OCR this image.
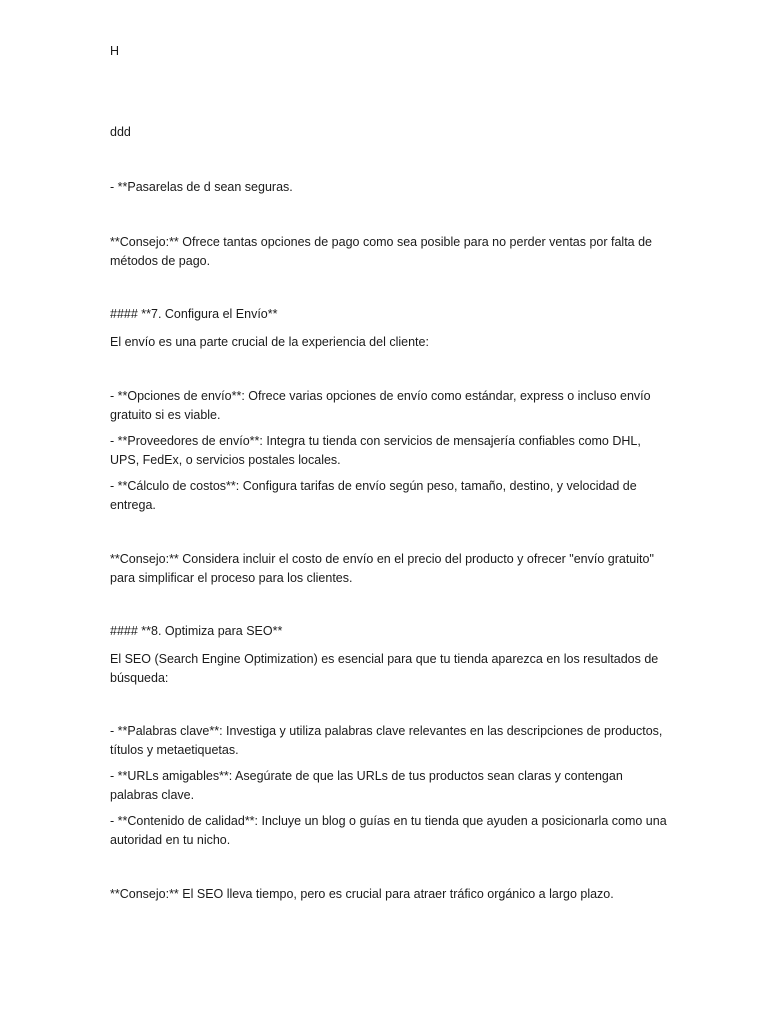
H

ddd

- **Pasarelas de d sean seguras.

**Consejo:** Ofrece tantas opciones de pago como sea posible para no perder ventas por falta de métodos de pago.

#### **7. Configura el Envío**

El envío es una parte crucial de la experiencia del cliente:

- **Opciones de envío**: Ofrece varias opciones de envío como estándar, express o incluso envío gratuito si es viable.

- **Proveedores de envío**: Integra tu tienda con servicios de mensajería confiables como DHL, UPS, FedEx, o servicios postales locales.

- **Cálculo de costos**: Configura tarifas de envío según peso, tamaño, destino, y velocidad de entrega.

**Consejo:** Considera incluir el costo de envío en el precio del producto y ofrecer "envío gratuito" para simplificar el proceso para los clientes.

#### **8. Optimiza para SEO**

El SEO (Search Engine Optimization) es esencial para que tu tienda aparezca en los resultados de búsqueda:

- **Palabras clave**: Investiga y utiliza palabras clave relevantes en las descripciones de productos, títulos y metaetiquetas.

- **URLs amigables**: Asegúrate de que las URLs de tus productos sean claras y contengan palabras clave.

- **Contenido de calidad**: Incluye un blog o guías en tu tienda que ayuden a posicionarla como una autoridad en tu nicho.

**Consejo:** El SEO lleva tiempo, pero es crucial para atraer tráfico orgánico a largo plazo.
